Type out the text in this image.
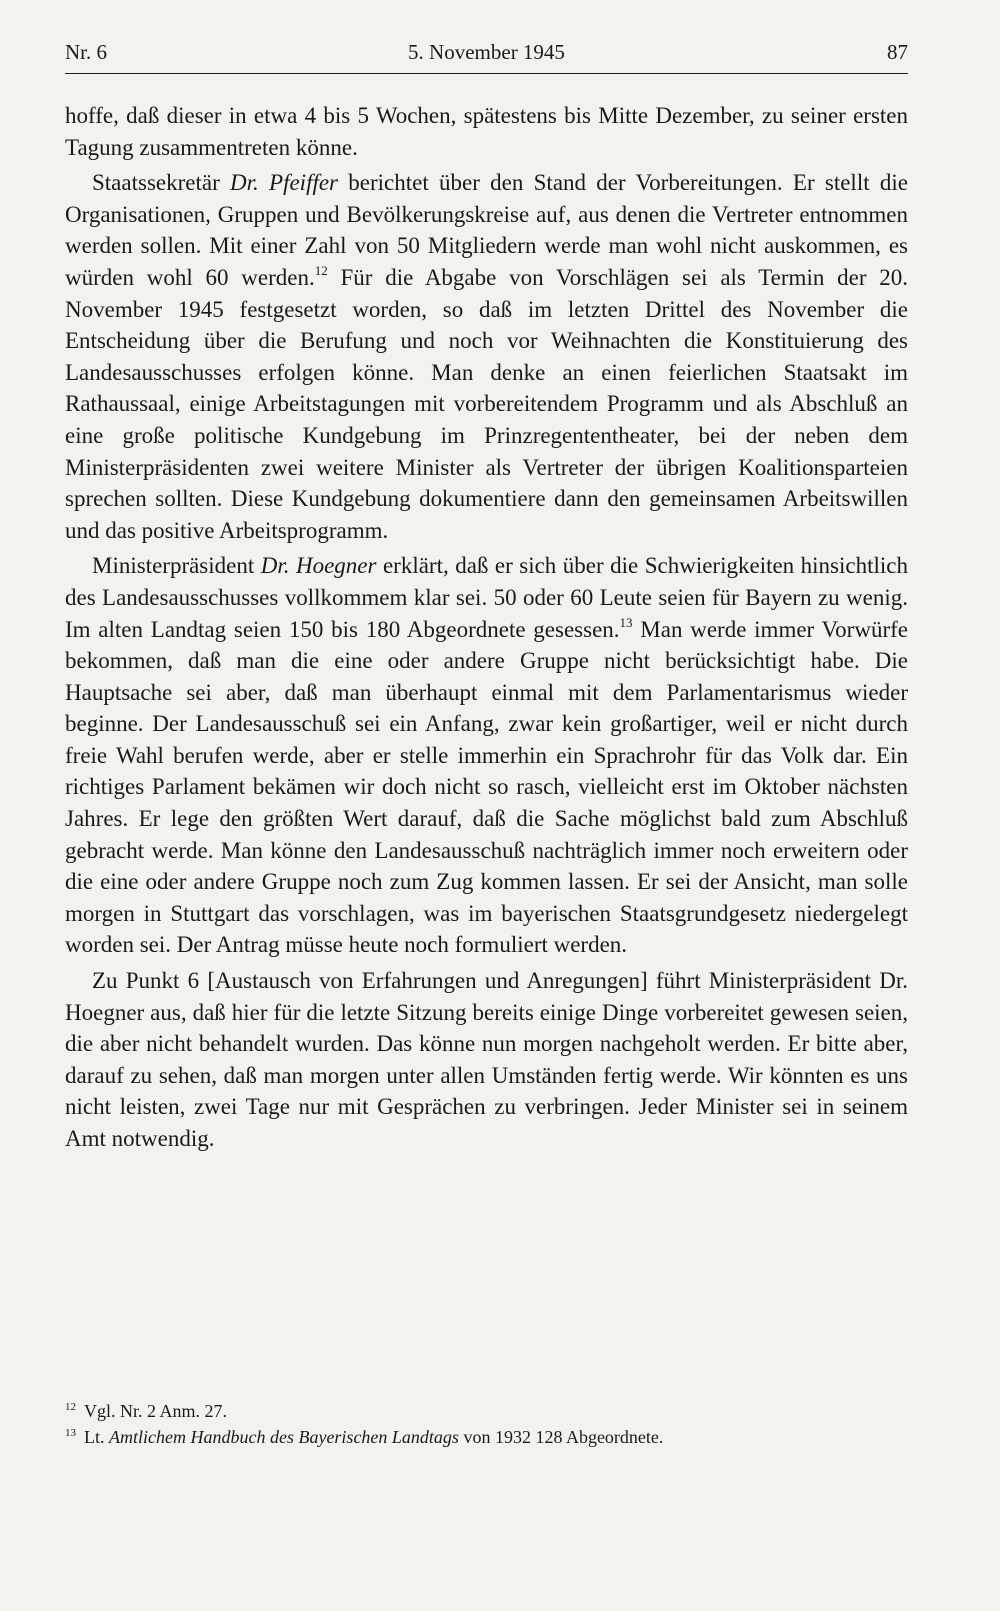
Nr. 6	5. November 1945	87

hoffe, daß dieser in etwa 4 bis 5 Wochen, spätestens bis Mitte Dezember, zu seiner ersten Tagung zusammentreten könne.

Staatssekretär Dr. Pfeiffer berichtet über den Stand der Vorbereitungen. Er stellt die Organisationen, Gruppen und Bevölkerungskreise auf, aus denen die Vertreter entnommen werden sollen. Mit einer Zahl von 50 Mitgliedern werde man wohl nicht auskommen, es würden wohl 60 werden.$^{12}$ Für die Abgabe von Vorschlägen sei als Termin der 20. November 1945 festgesetzt worden, so daß im letzten Drittel des November die Entscheidung über die Berufung und noch vor Weihnachten die Konstituierung des Landesausschusses erfolgen könne. Man denke an einen feierlichen Staatsakt im Rathaussaal, einige Arbeitstagungen mit vorbereitendem Programm und als Abschluß an eine große politische Kundgebung im Prinzregententheater, bei der neben dem Ministerpräsidenten zwei weitere Minister als Vertreter der übrigen Koalitionsparteien sprechen sollten. Diese Kundgebung dokumentiere dann den gemeinsamen Arbeitswillen und das positive Arbeitsprogramm.

Ministerpräsident Dr. Hoegner erklärt, daß er sich über die Schwierigkeiten hinsichtlich des Landesausschusses vollkommem klar sei. 50 oder 60 Leute seien für Bayern zu wenig. Im alten Landtag seien 150 bis 180 Abgeordnete gesessen.$^{13}$ Man werde immer Vorwürfe bekommen, daß man die eine oder andere Gruppe nicht berücksichtigt habe. Die Hauptsache sei aber, daß man überhaupt einmal mit dem Parlamentarismus wieder beginne. Der Landesausschuß sei ein Anfang, zwar kein großartiger, weil er nicht durch freie Wahl berufen werde, aber er stelle immerhin ein Sprachrohr für das Volk dar. Ein richtiges Parlament bekämen wir doch nicht so rasch, vielleicht erst im Oktober nächsten Jahres. Er lege den größten Wert darauf, daß die Sache möglichst bald zum Abschluß gebracht werde. Man könne den Landesausschuß nachträglich immer noch erweitern oder die eine oder andere Gruppe noch zum Zug kommen lassen. Er sei der Ansicht, man solle morgen in Stuttgart das vorschlagen, was im bayerischen Staatsgrundgesetz niedergelegt worden sei. Der Antrag müsse heute noch formuliert werden.

Zu Punkt 6 [Austausch von Erfahrungen und Anregungen] führt Ministerpräsident Dr. Hoegner aus, daß hier für die letzte Sitzung bereits einige Dinge vorbereitet gewesen seien, die aber nicht behandelt wurden. Das könne nun morgen nachgeholt werden. Er bitte aber, darauf zu sehen, daß man morgen unter allen Umständen fertig werde. Wir könnten es uns nicht leisten, zwei Tage nur mit Gesprächen zu verbringen. Jeder Minister sei in seinem Amt notwendig.

$^{12}$ Vgl. Nr. 2 Anm. 27.

$^{13}$ Lt. Amtlichem Handbuch des Bayerischen Landtags von 1932 128 Abgeordnete.
